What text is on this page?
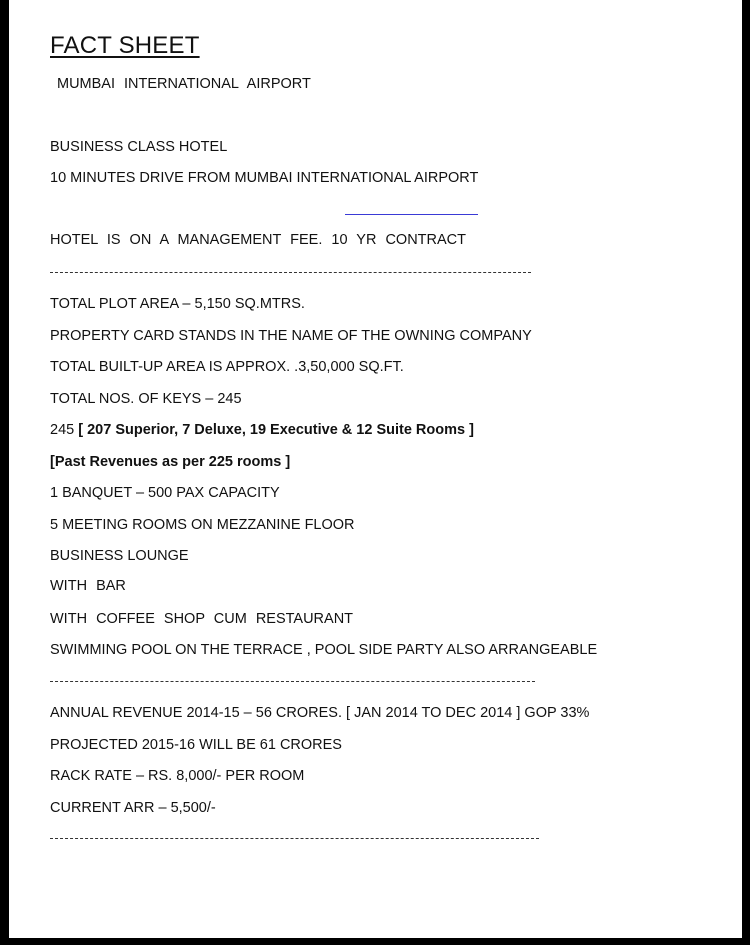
FACT SHEET
MUMBAI INTERNATIONAL AIRPORT
BUSINESS CLASS HOTEL
10 MINUTES DRIVE FROM MUMBAI INTERNATIONAL AIRPORT
HOTEL IS ON A MANAGEMENT FEE. 10 YR CONTRACT
TOTAL PLOT AREA – 5,150 SQ.MTRS.
PROPERTY CARD STANDS IN THE NAME OF THE OWNING COMPANY
TOTAL BUILT-UP AREA IS APPROX. .3,50,000 SQ.FT.
TOTAL NOS. OF KEYS – 245
245 [ 207 Superior, 7 Deluxe, 19 Executive & 12 Suite Rooms ]
[Past Revenues as per 225 rooms ]
1 BANQUET – 500 PAX CAPACITY
5 MEETING ROOMS ON MEZZANINE FLOOR
BUSINESS LOUNGE
WITH BAR
WITH COFFEE SHOP CUM RESTAURANT
SWIMMING POOL ON THE TERRACE , POOL SIDE PARTY ALSO ARRANGEABLE
ANNUAL REVENUE 2014-15 – 56 CRORES. [ JAN 2014 TO DEC 2014 ] GOP 33%
PROJECTED 2015-16 WILL BE 61 CRORES
RACK RATE – RS. 8,000/- PER ROOM
CURRENT ARR – 5,500/-
